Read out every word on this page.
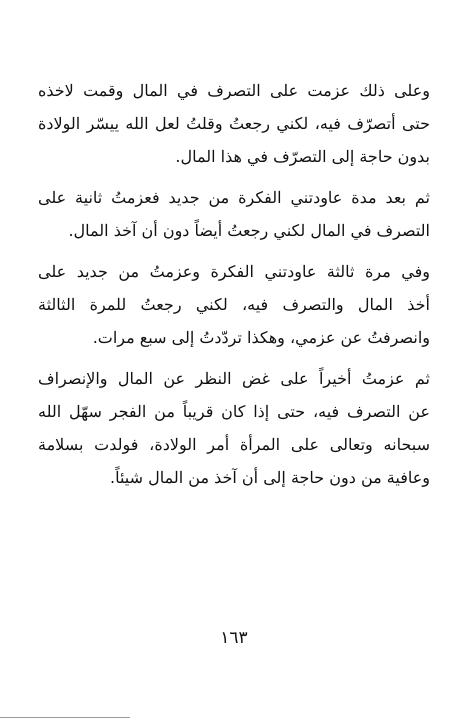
وعلى ذلك عزمت على التصرف في المال وقمت لاخذه
حتى أتصرّف فيه، لكني رجعتُ وقلتُ لعل الله ييسّر الولادة
بدون حاجة إلى التصرّف في هذا المال.

ثم بعد مدة عاودتني الفكرة من جديد فعزمتُ ثانية على
التصرف في المال لكني رجعتُ أيضاً دون أن آخذ المال.

وفي مرة ثالثة عاودتني الفكرة وعزمتُ من جديد على
أخذ المال والتصرف فيه، لكني رجعتُ للمرة الثالثة
وانصرفتُ عن عزمي، وهكذا تردّدتُ إلى سبع مرات.

ثم عزمتُ أخيراً على غض النظر عن المال والإنصراف
عن التصرف فيه، حتى إذا كان قريباً من الفجر سهّل الله
سبحانه وتعالى على المرأة أمر الولادة، فولدت بسلامة
وعافية من دون حاجة إلى أن آخذ من المال شيئاً.

١٦٣
